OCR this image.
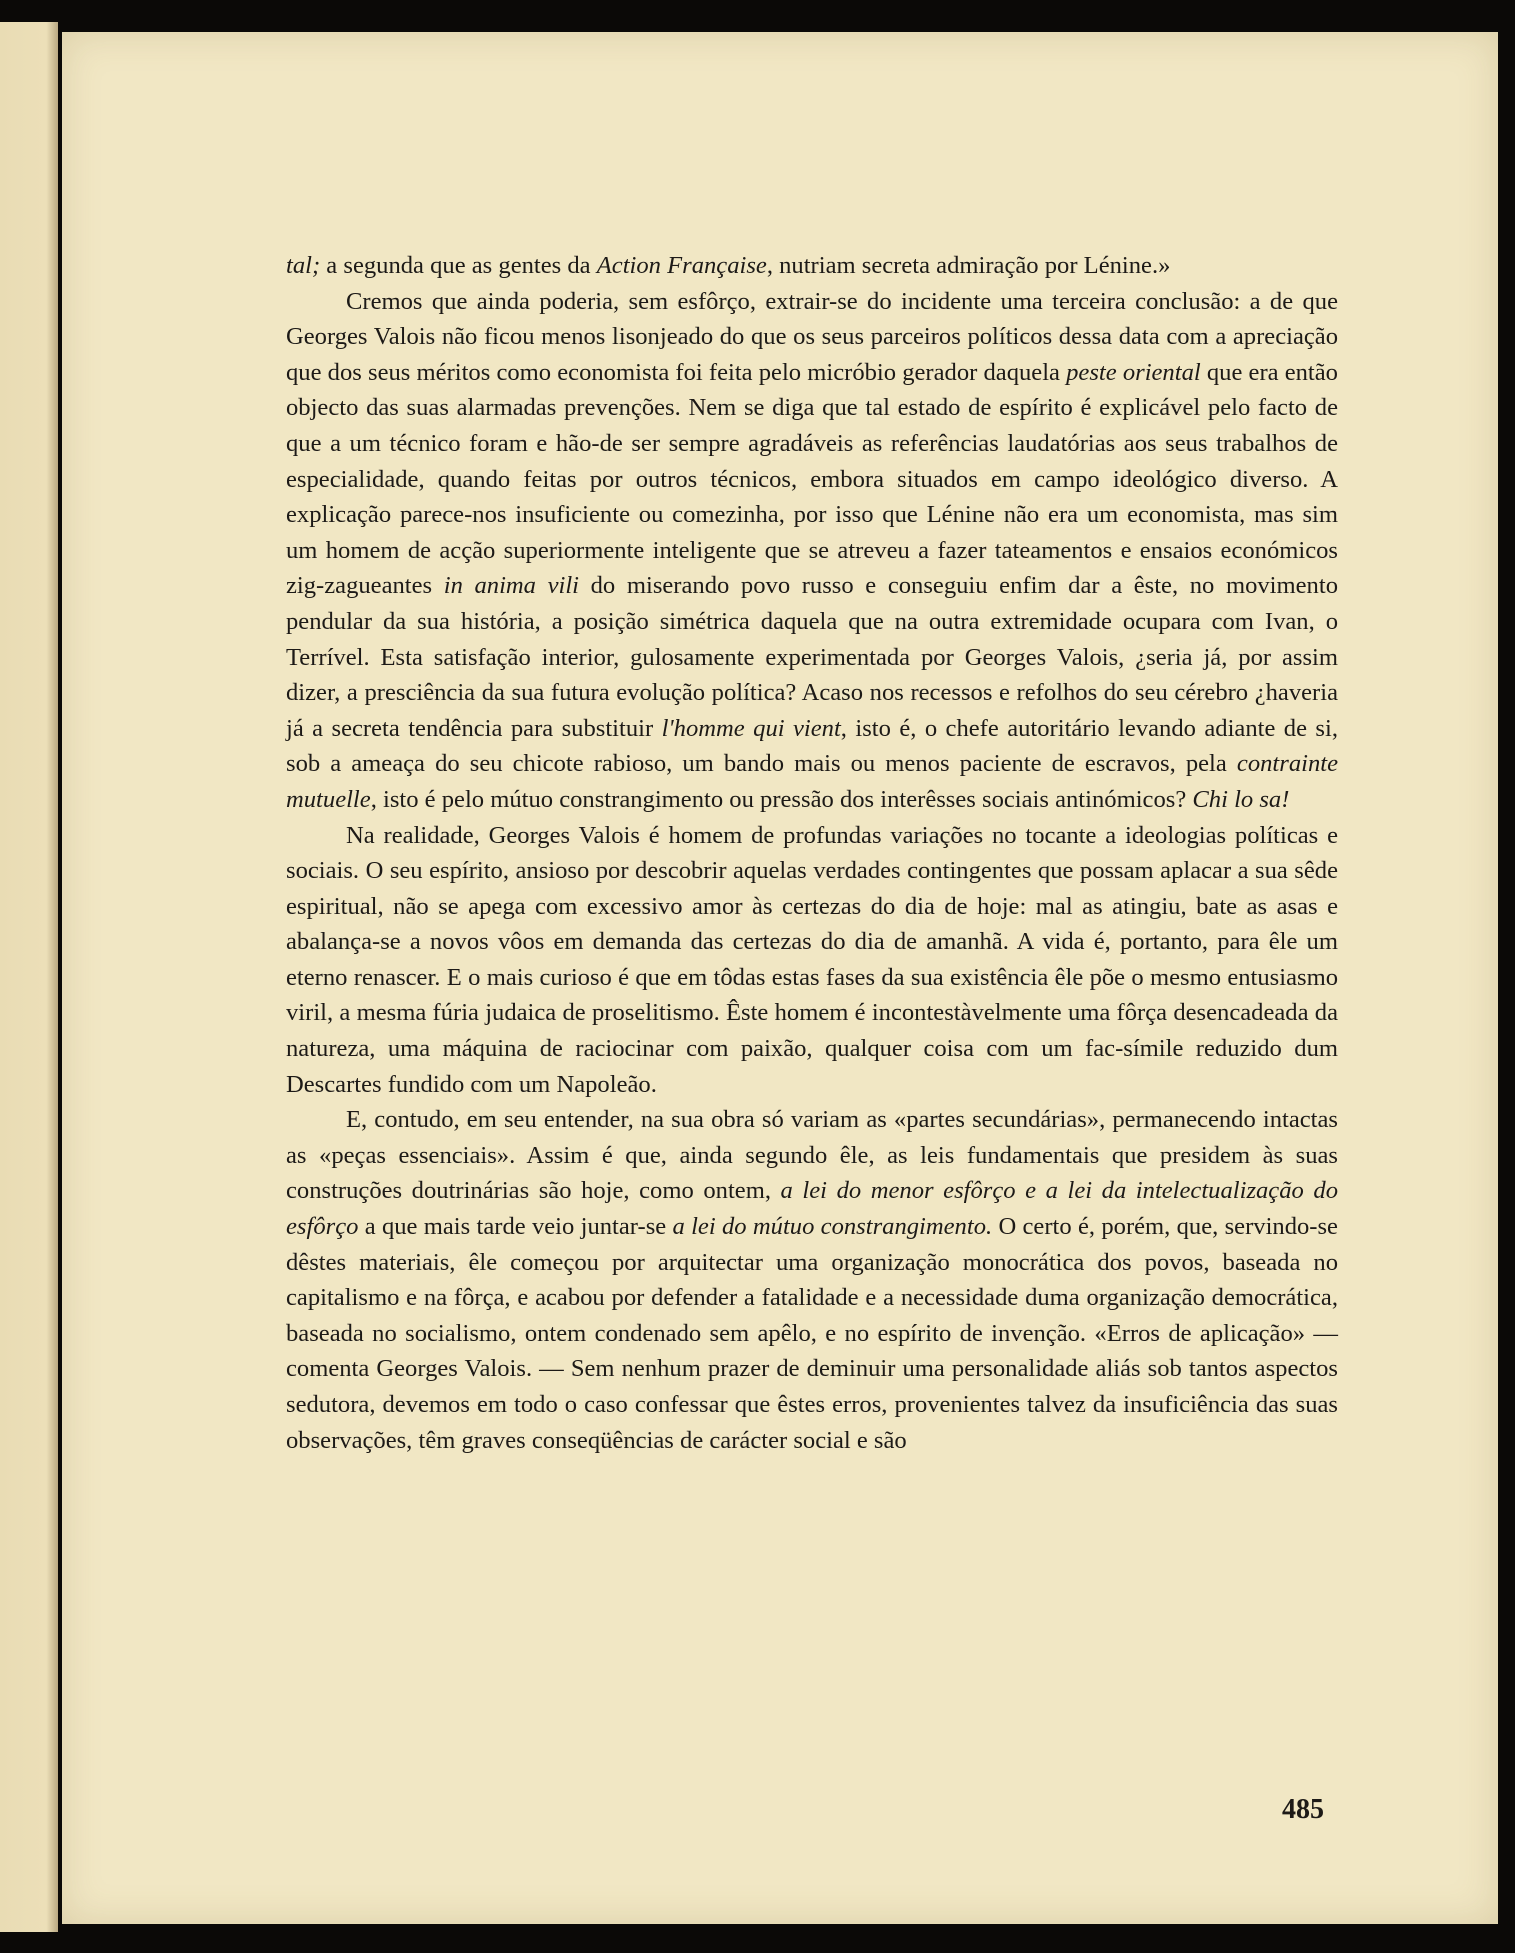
tal; a segunda que as gentes da Action Française, nutriam secreta admiração por Lénine.»

Cremos que ainda poderia, sem esfôrço, extrair-se do incidente uma terceira conclusão: a de que Georges Valois não ficou menos lisonjeado do que os seus parceiros políticos dessa data com a apreciação que dos seus méritos como economista foi feita pelo micróbio gerador daquela peste oriental que era então objecto das suas alarmadas prevenções. Nem se diga que tal estado de espírito é explicável pelo facto de que a um técnico foram e hão-de ser sempre agradáveis as referências laudatórias aos seus trabalhos de especialidade, quando feitas por outros técnicos, embora situados em campo ideológico diverso. A explicação parece-nos insuficiente ou comezinha, por isso que Lénine não era um economista, mas sim um homem de acção superiormente inteligente que se atreveu a fazer tateamentos e ensaios económicos zig-zagueantes in anima vili do miserando povo russo e conseguiu enfim dar a êste, no movimento pendular da sua história, a posição simétrica daquela que na outra extremidade ocupara com Ivan, o Terrível. Esta satisfação interior, gulosamente experimentada por Georges Valois, ¿seria já, por assim dizer, a presciência da sua futura evolução política? Acaso nos recessos e refolhos do seu cérebro ¿haveria já a secreta tendência para substituir l'homme qui vient, isto é, o chefe autoritário levando adiante de si, sob a ameaça do seu chicote rabioso, um bando mais ou menos paciente de escravos, pela contrainte mutuelle, isto é pelo mútuo constrangimento ou pressão dos interêsses sociais antinómicos? Chi lo sa!

Na realidade, Georges Valois é homem de profundas variações no tocante a ideologias políticas e sociais. O seu espírito, ansioso por descobrir aquelas verdades contingentes que possam aplacar a sua sêde espiritual, não se apega com excessivo amor às certezas do dia de hoje: mal as atingiu, bate as asas e abalança-se a novos vôos em demanda das certezas do dia de amanhã. A vida é, portanto, para êle um eterno renascer. E o mais curioso é que em tôdas estas fases da sua existência êle põe o mesmo entusiasmo viril, a mesma fúria judaica de proselitismo. Êste homem é incontestàvelmente uma fôrça desencadeada da natureza, uma máquina de raciocinar com paixão, qualquer coisa com um fac-símile reduzido dum Descartes fundido com um Napoleão.

E, contudo, em seu entender, na sua obra só variam as «partes secundárias», permanecendo intactas as «peças essenciais». Assim é que, ainda segundo êle, as leis fundamentais que presidem às suas construções doutrinárias são hoje, como ontem, a lei do menor esfôrço e a lei da intelectualização do esfôrço a que mais tarde veio juntar-se a lei do mútuo constrangimento. O certo é, porém, que, servindo-se dêstes materiais, êle começou por arquitectar uma organização monocrática dos povos, baseada no capitalismo e na fôrça, e acabou por defender a fatalidade e a necessidade duma organização democrática, baseada no socialismo, ontem condenado sem apêlo, e no espírito de invenção. «Erros de aplicação» — comenta Georges Valois. — Sem nenhum prazer de deminuir uma personalidade aliás sob tantos aspectos sedutora, devemos em todo o caso confessar que êstes erros, provenientes talvez da insuficiência das suas observações, têm graves conseqüências de carácter social e são

485
